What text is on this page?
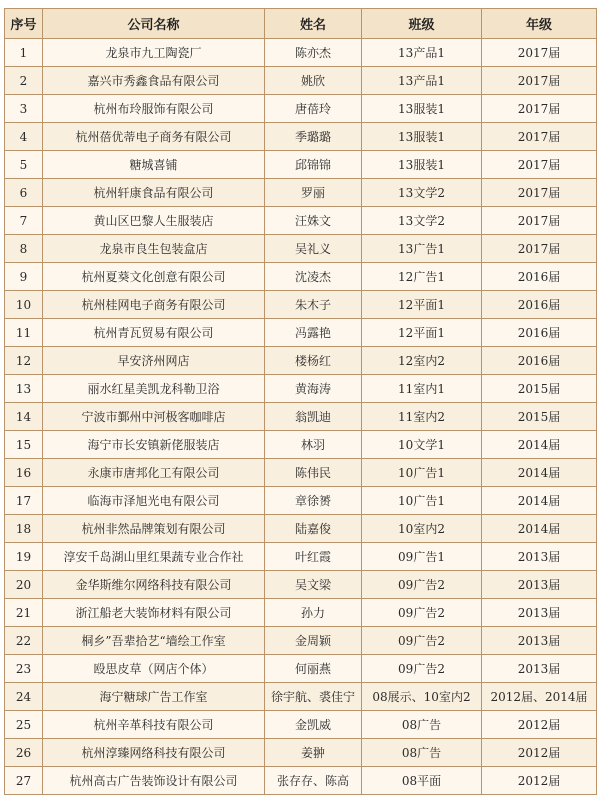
序号	公司名称	姓名	班级	年级
1	龙泉市九工陶瓷厂	陈亦杰	13产品1	2017届
2	嘉兴市秀鑫食品有限公司	姚欣	13产品1	2017届
3	杭州布玲服饰有限公司	唐蓓玲	13服装1	2017届
4	杭州蓓优蒂电子商务有限公司	季璐璐	13服装1	2017届
5	糖城喜铺	邱锦锦	13服装1	2017届
6	杭州轩康食品有限公司	罗丽	13文学2	2017届
7	黄山区巴黎人生服装店	汪姝文	13文学2	2017届
8	龙泉市良生包装盒店	吴礼义	13广告1	2017届
9	杭州夏葵文化创意有限公司	沈凌杰	12广告1	2016届
10	杭州桂网电子商务有限公司	朱木子	12平面1	2016届
11	杭州青瓦贸易有限公司	冯露艳	12平面1	2016届
12	早安济州网店	楼杨红	12室内2	2016届
13	丽水红星美凯龙科勒卫浴	黄海涛	11室内1	2015届
14	宁波市鄞州中河极客咖啡店	翁凯迪	11室内2	2015届
15	海宁市长安镇新佬服装店	林羽	10文学1	2014届
16	永康市唐邦化工有限公司	陈伟民	10广告1	2014届
17	临海市泽旭光电有限公司	章徐赟	10广告1	2014届
18	杭州非然品牌策划有限公司	陆嘉俊	10室内2	2014届
19	淳安千岛湖山里红果蔬专业合作社	叶红霞	09广告1	2013届
20	金华斯维尔网络科技有限公司	吴文梁	09广告2	2013届
21	浙江船老大装饰材料有限公司	孙力	09广告2	2013届
22	桐乡”吾辈拾艺“墙绘工作室	金周颖	09广告2	2013届
23	殴思皮草（网店个体）	何丽燕	09广告2	2013届
24	海宁糖球广告工作室	徐宇航、裘佳宁	08展示、10室内2	2012届、2014届
25	杭州辛革科技有限公司	金凯威	08广告	2012届
26	杭州淳臻网络科技有限公司	姜翀	08广告	2012届
27	杭州高古广告装饰设计有限公司	张存存、陈高	08平面	2012届
